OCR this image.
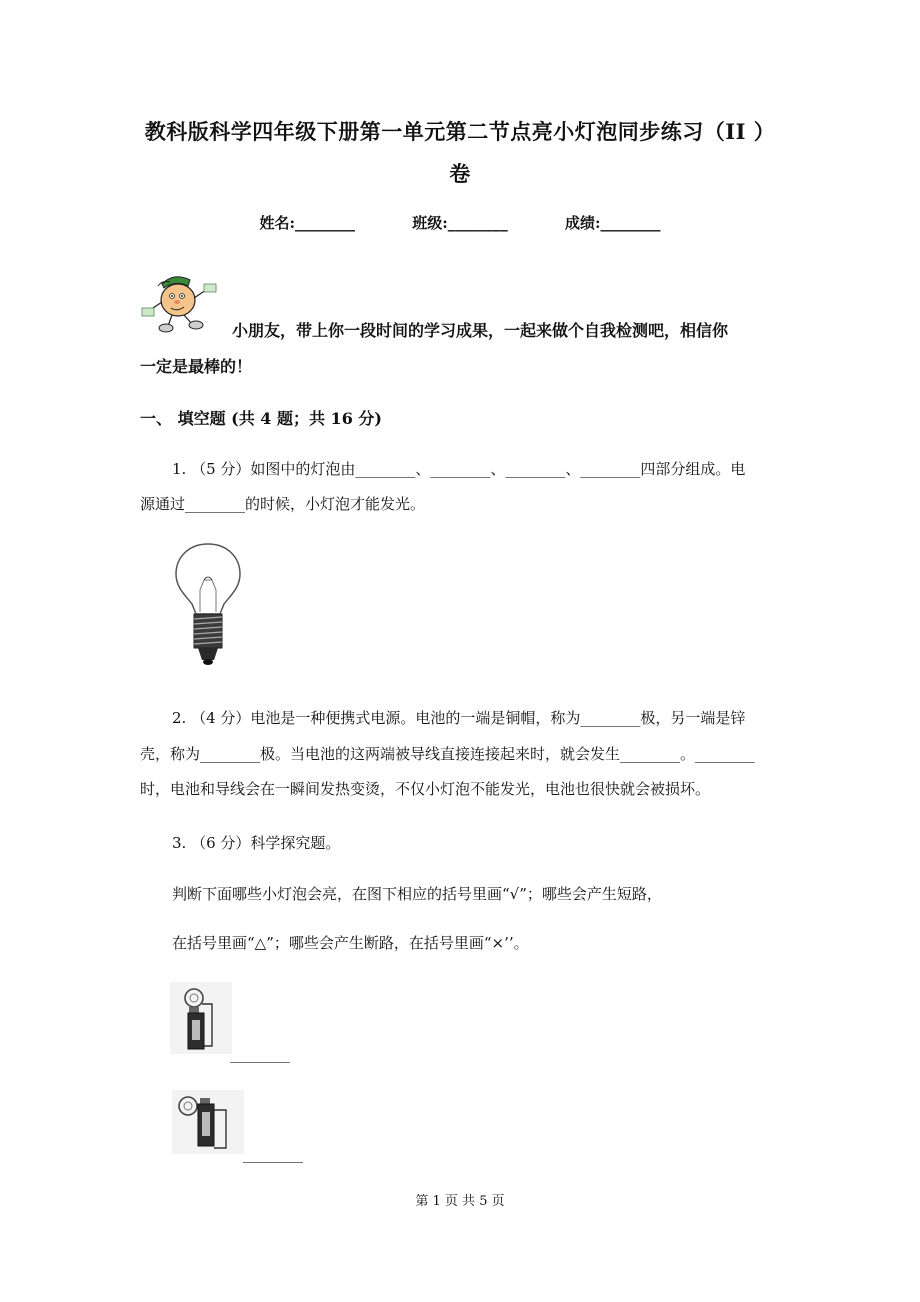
教科版科学四年级下册第一单元第二节点亮小灯泡同步练习（II ）
卷
姓名:________	班级:________	成绩:________
小朋友，带上你一段时间的学习成果，一起来做个自我检测吧，相信你
一定是最棒的！
一、 填空题 (共 4 题；共 16 分)
1. （5 分）如图中的灯泡由________、________、________、________四部分组成。电
源通过________的时候，小灯泡才能发光。
2. （4 分）电池是一种便携式电源。电池的一端是铜帽，称为________极，另一端是锌
壳，称为________极。当电池的这两端被导线直接连接起来时，就会发生________。________
时，电池和导线会在一瞬间发热变烫，不仅小灯泡不能发光，电池也很快就会被损坏。
3. （6 分）科学探究题。
判断下面哪些小灯泡会亮，在图下相应的括号里画“√”；哪些会产生短路，
在括号里画“△”；哪些会产生断路，在括号里画“×’’。
________
________
第 1 页 共 5 页
